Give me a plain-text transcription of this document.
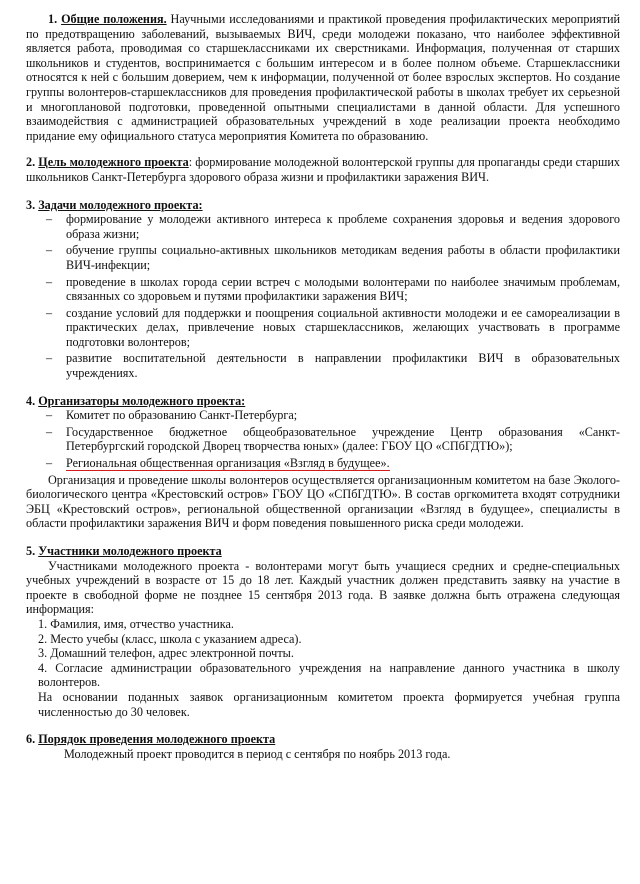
1. Общие положения. Научными исследованиями и практикой проведения профилактических мероприятий по предотвращению заболеваний, вызываемых ВИЧ, среди молодежи показано, что наиболее эффективной является работа, проводимая со старшеклассниками их сверстниками. Информация, полученная от старших школьников и студентов, воспринимается с большим интересом и в более полном объеме. Старшеклассники относятся к ней с большим доверием, чем к информации, полученной от более взрослых экспертов. Но создание группы волонтеров-старшеклассников для проведения профилактической работы в школах требует их серьезной и многоплановой подготовки, проведенной опытными специалистами в данной области. Для успешного взаимодействия с администрацией образовательных учреждений в ходе реализации проекта необходимо придание ему официального статуса мероприятия Комитета по образованию.

2. Цель молодежного проекта: формирование молодежной волонтерской группы для пропаганды среди старших школьников Санкт-Петербурга здорового образа жизни и профилактики заражения ВИЧ.

3. Задачи молодежного проекта:

– формирование у молодежи активного интереса к проблеме сохранения здоровья и ведения здорового образа жизни;
– обучение группы социально-активных школьников методикам ведения работы в области профилактики ВИЧ-инфекции;
– проведение в школах города серии встреч с молодыми волонтерами по наиболее значимым проблемам, связанных со здоровьем и путями профилактики заражения ВИЧ;
– создание условий для поддержки и поощрения социальной активности молодежи и ее самореализации в практических делах, привлечение новых старшеклассников, желающих участвовать в программе подготовки волонтеров;
– развитие воспитательной деятельности в направлении профилактики ВИЧ в образовательных учреждениях.

4. Организаторы молодежного проекта:

– Комитет по образованию Санкт-Петербурга;
– Государственное бюджетное общеобразовательное учреждение Центр образования «Санкт-Петербургский городской Дворец творчества юных» (далее: ГБОУ ЦО «СПбГДТЮ»);
– Региональная общественная организация «Взгляд в будущее».

Организация и проведение школы волонтеров осуществляется организационным комитетом на базе Эколого-биологического центра «Крестовский остров» ГБОУ ЦО «СПбГДТЮ». В состав оргкомитета входят сотрудники ЭБЦ «Крестовский остров», региональной общественной организации «Взгляд в будущее», специалисты в области профилактики заражения ВИЧ и форм поведения повышенного риска среди молодежи.

5. Участники молодежного проекта

Участниками молодежного проекта - волонтерами могут быть учащиеся средних и средне-специальных учебных учреждений в возрасте от 15 до 18 лет. Каждый участник должен представить заявку на участие в проекте в свободной форме не позднее 15 сентября 2013 года. В заявке должна быть отражена следующая информация:

1. Фамилия, имя, отчество участника.
2. Место учебы (класс, школа с указанием адреса).
3. Домашний телефон, адрес электронной почты.
4. Согласие администрации образовательного учреждения на направление данного участника в школу волонтеров.

На основании поданных заявок организационным комитетом проекта формируется учебная группа численностью до 30 человек.

6. Порядок проведения молодежного проекта

Молодежный проект проводится в период с сентября по ноябрь 2013 года.
